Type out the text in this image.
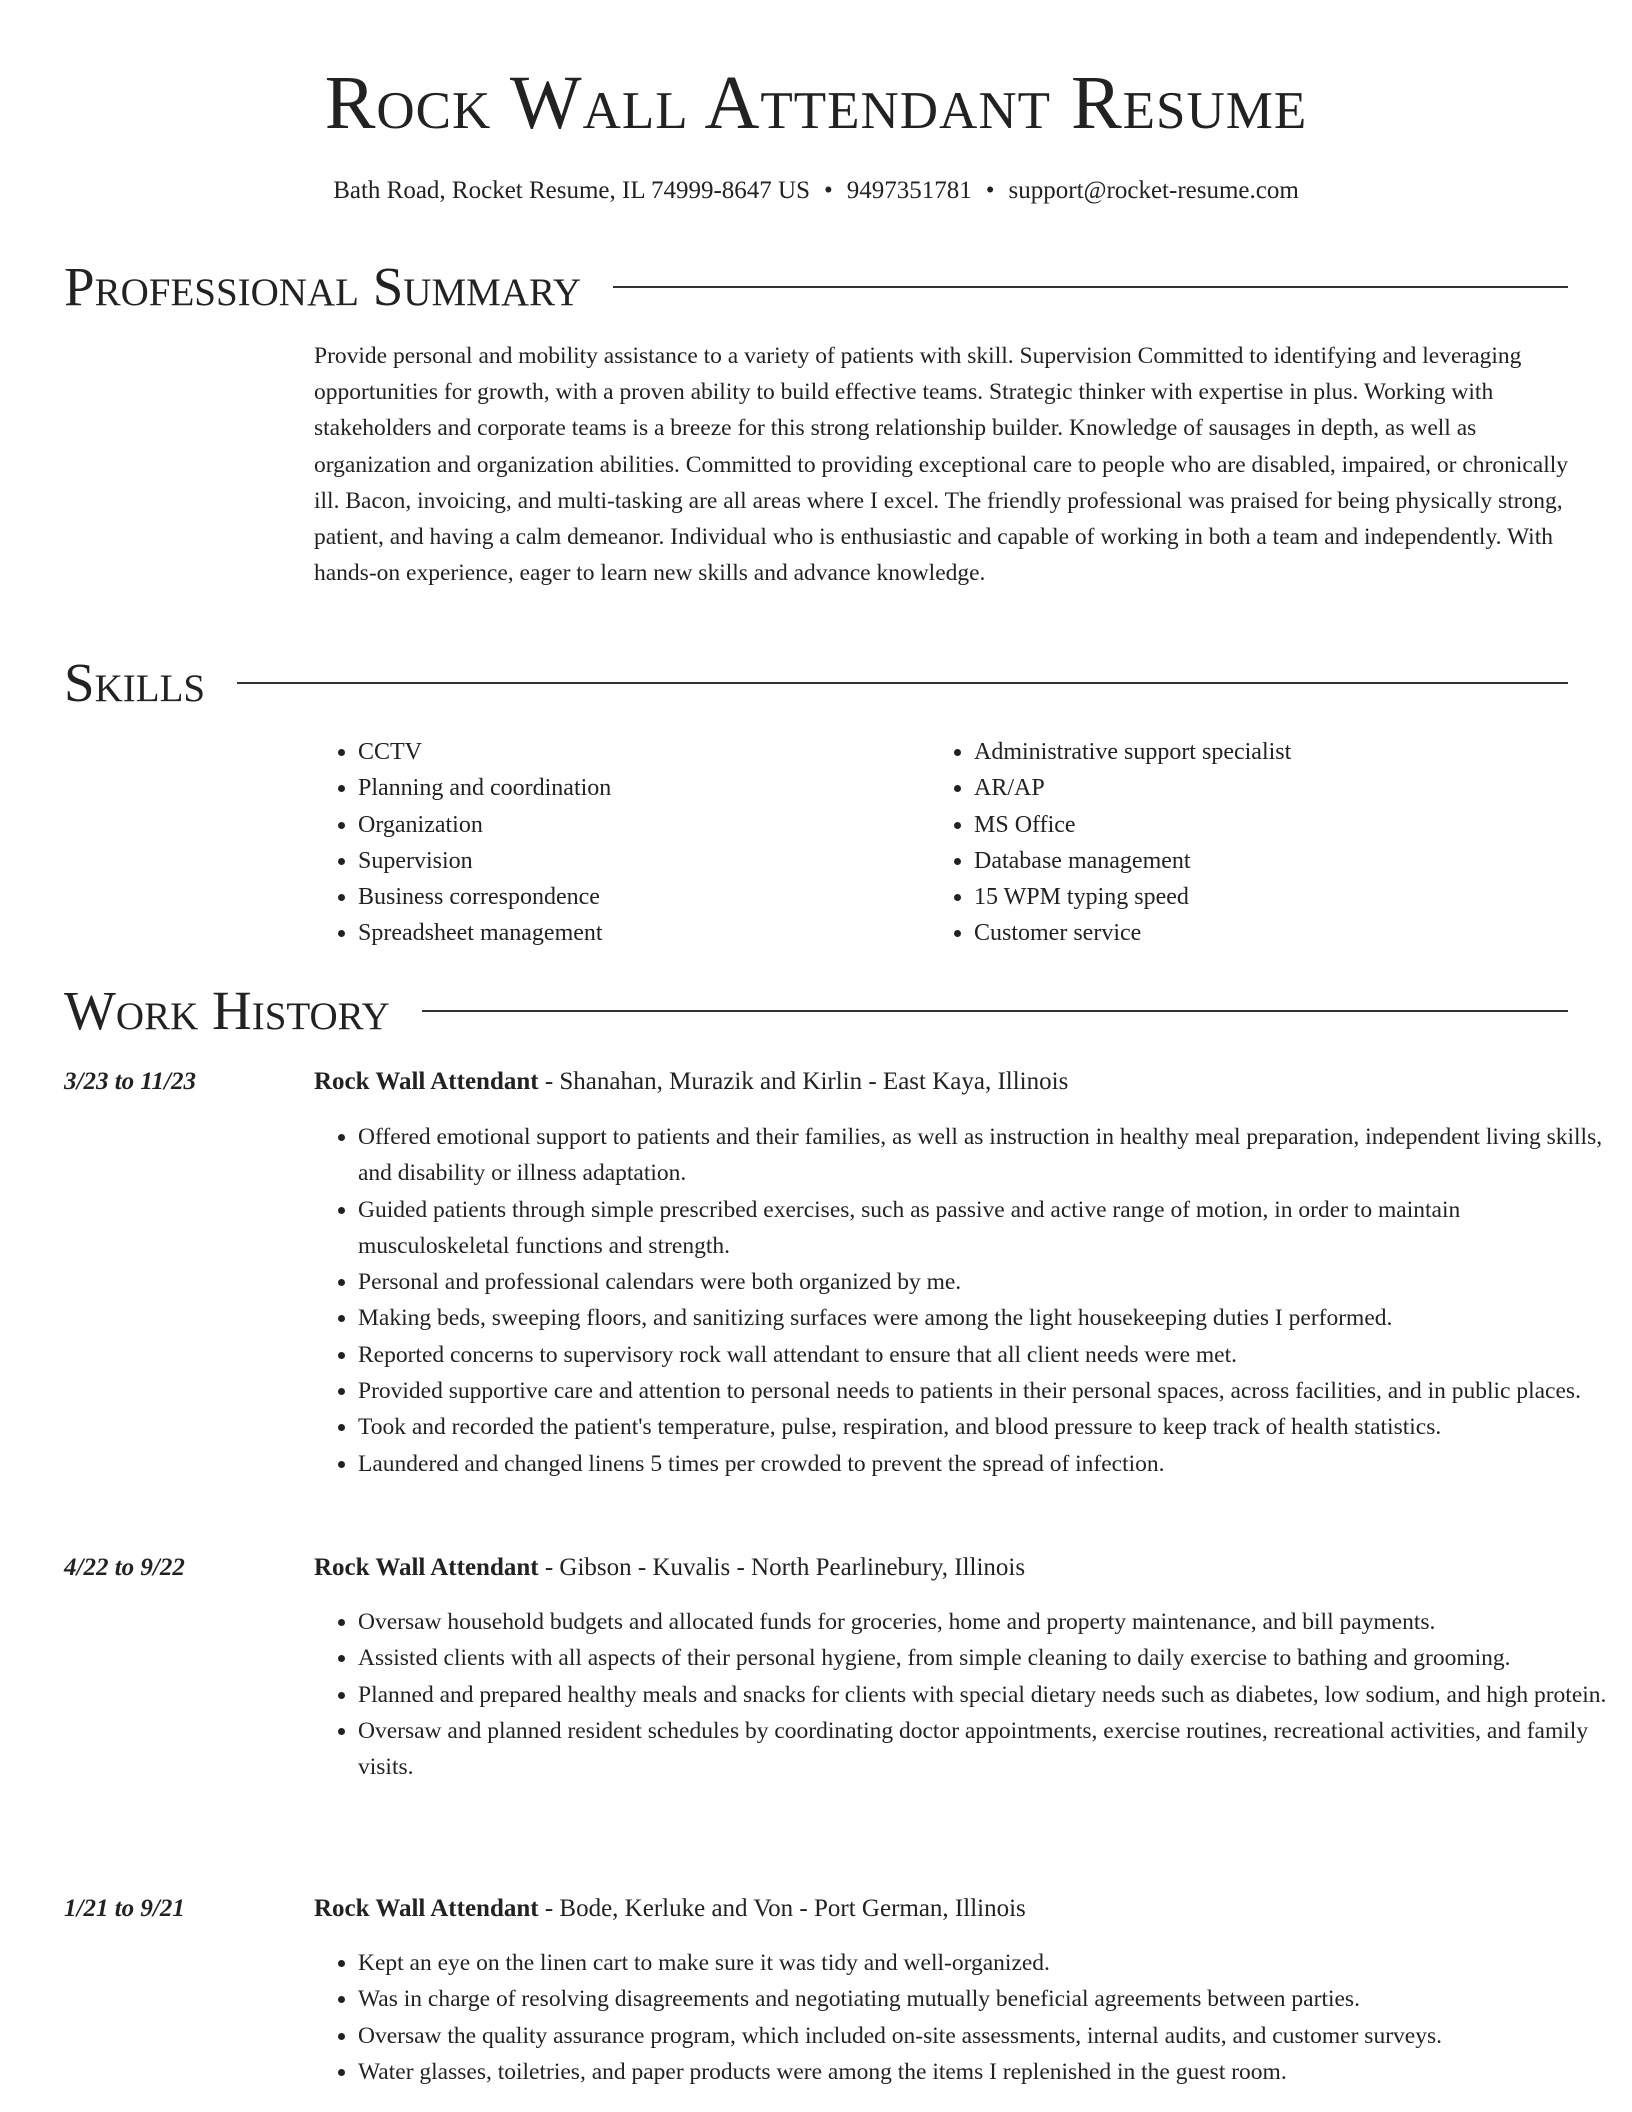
Rock Wall Attendant Resume
Bath Road, Rocket Resume, IL 74999-8647 US • 9497351781 • support@rocket-resume.com
Professional Summary

Provide personal and mobility assistance to a variety of patients with skill. Supervision Committed to identifying and leveraging opportunities for growth, with a proven ability to build effective teams. Strategic thinker with expertise in plus. Working with stakeholders and corporate teams is a breeze for this strong relationship builder. Knowledge of sausages in depth, as well as organization and organization abilities. Committed to providing exceptional care to people who are disabled, impaired, or chronically ill. Bacon, invoicing, and multi-tasking are all areas where I excel. The friendly professional was praised for being physically strong, patient, and having a calm demeanor. Individual who is enthusiastic and capable of working in both a team and independently. With hands-on experience, eager to learn new skills and advance knowledge.

Skills
• CCTV
• Planning and coordination
• Organization
• Supervision
• Business correspondence
• Spreadsheet management
• Administrative support specialist
• AR/AP
• MS Office
• Database management
• 15 WPM typing speed
• Customer service
Work History
3/23 to 11/23	Rock Wall Attendant - Shanahan, Murazik and Kirlin - East Kaya, Illinois
• Offered emotional support to patients and their families, as well as instruction in healthy meal preparation, independent living skills, and disability or illness adaptation.
• Guided patients through simple prescribed exercises, such as passive and active range of motion, in order to maintain musculoskeletal functions and strength.
• Personal and professional calendars were both organized by me.
• Making beds, sweeping floors, and sanitizing surfaces were among the light housekeeping duties I performed.
• Reported concerns to supervisory rock wall attendant to ensure that all client needs were met.
• Provided supportive care and attention to personal needs to patients in their personal spaces, across facilities, and in public places.
• Took and recorded the patient's temperature, pulse, respiration, and blood pressure to keep track of health statistics.
• Laundered and changed linens 5 times per crowded to prevent the spread of infection.
4/22 to 9/22	Rock Wall Attendant - Gibson - Kuvalis - North Pearlinebury, Illinois
• Oversaw household budgets and allocated funds for groceries, home and property maintenance, and bill payments.
• Assisted clients with all aspects of their personal hygiene, from simple cleaning to daily exercise to bathing and grooming.
• Planned and prepared healthy meals and snacks for clients with special dietary needs such as diabetes, low sodium, and high protein.
• Oversaw and planned resident schedules by coordinating doctor appointments, exercise routines, recreational activities, and family visits.
1/21 to 9/21	Rock Wall Attendant - Bode, Kerluke and Von - Port German, Illinois
• Kept an eye on the linen cart to make sure it was tidy and well-organized.
• Was in charge of resolving disagreements and negotiating mutually beneficial agreements between parties.
• Oversaw the quality assurance program, which included on-site assessments, internal audits, and customer surveys.
• Water glasses, toiletries, and paper products were among the items I replenished in the guest room.
